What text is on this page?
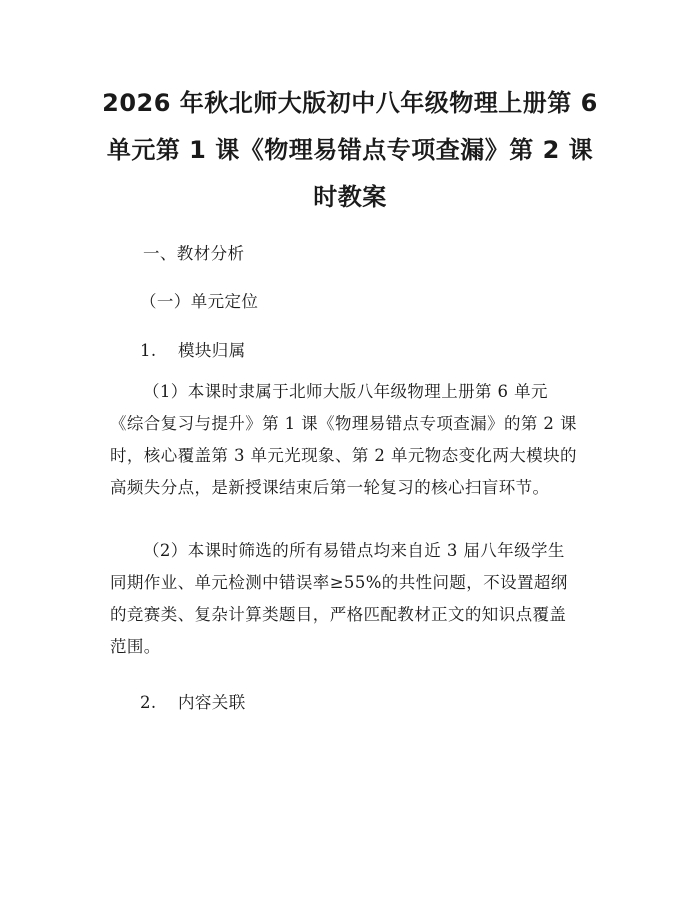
2026 年秋北师大版初中八年级物理上册第 6
单元第 1 课《物理易错点专项查漏》第 2 课
时教案
一、教材分析
（一）单元定位
1. 模块归属
（1）本课时隶属于北师大版八年级物理上册第 6 单元
《综合复习与提升》第 1 课《物理易错点专项查漏》的第 2 课
时，核心覆盖第 3 单元光现象、第 2 单元物态变化两大模块的
高频失分点，是新授课结束后第一轮复习的核心扫盲环节。
（2）本课时筛选的所有易错点均来自近 3 届八年级学生
同期作业、单元检测中错误率≥55%的共性问题，不设置超纲
的竞赛类、复杂计算类题目，严格匹配教材正文的知识点覆盖
范围。
2. 内容关联
